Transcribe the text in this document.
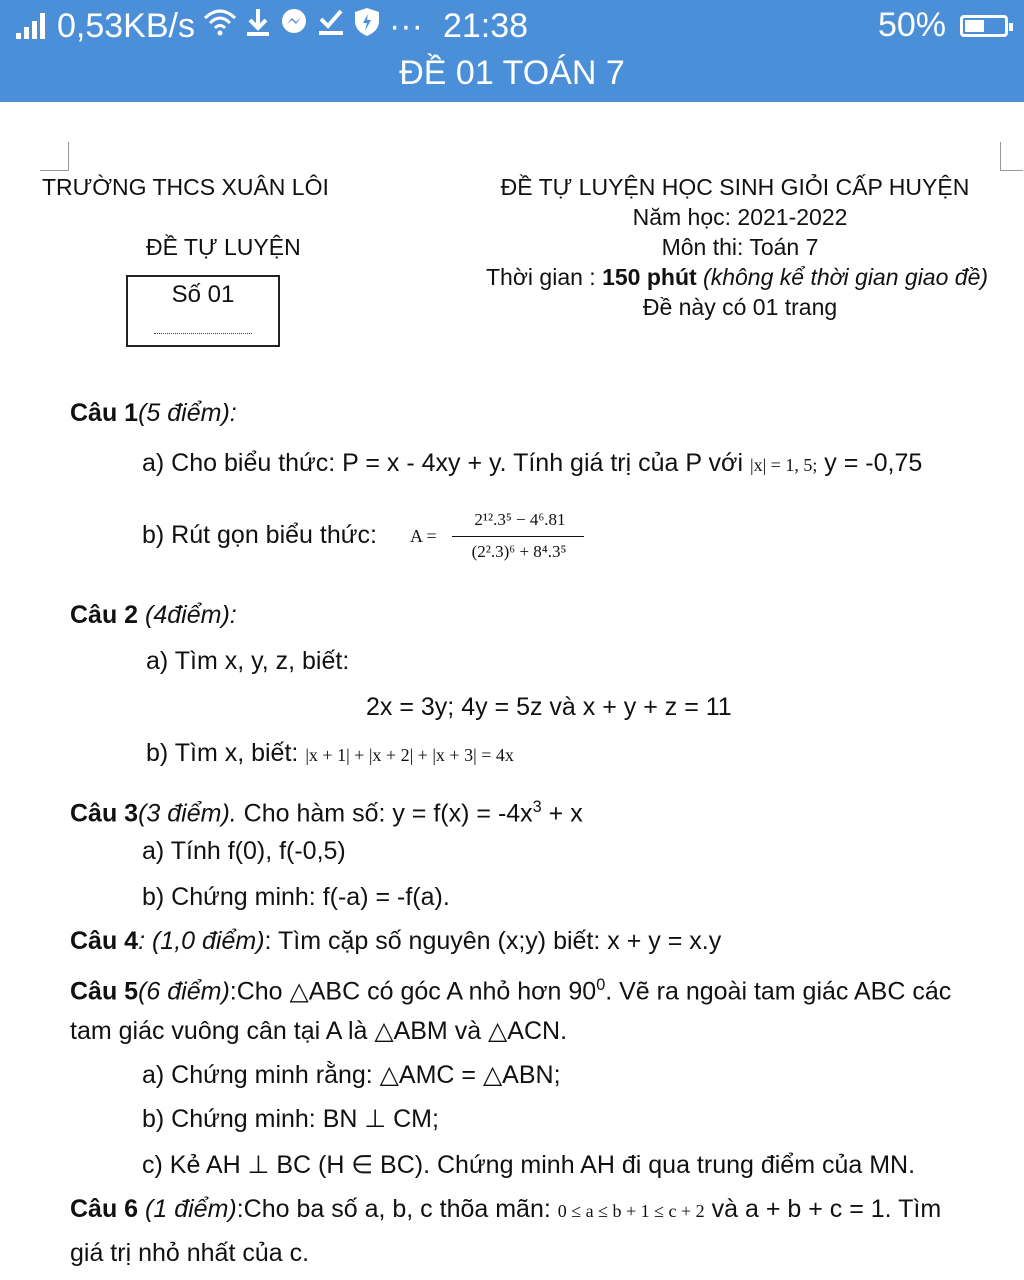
0,53KB/s	··· 21:38	50%
ĐỀ 01 TOÁN 7
TRƯỜNG THCS XUÂN LÔI
ĐỀ TỰ LUYỆN
Số 01
ĐỀ TỰ LUYỆN HỌC SINH GIỎI CẤP HUYỆN
Năm học: 2021-2022
Môn thi: Toán 7
Thời gian : 150 phút (không kể thời gian giao đề)
Đề này có 01 trang
Câu 1(5 điểm):
a) Cho biểu thức: P = x - 4xy + y. Tính giá trị của P với |x| = 1, 5; y = -0,75
b) Rút gọn biểu thức: A =
2¹².3⁵ − 4⁶.81
(2².3)⁶ + 8⁴.3⁵
Câu 2 (4điểm):
a) Tìm x, y, z, biết:
2x = 3y; 4y = 5z và x + y + z = 11
b) Tìm x, biết: |x + 1| + |x + 2| + |x + 3| = 4x
Câu 3(3 điểm). Cho hàm số: $y = f(x) = -4x^3 + x$
a) Tính f(0), f(-0,5)
b) Chứng minh: f(-a) = -f(a).
Câu 4: (1,0 điểm): Tìm cặp số nguyên (x;y) biết: x + y = x.y
Câu 5(6 điểm):Cho △ABC có góc A nhỏ hơn $90^0$. Vẽ ra ngoài tam giác ABC các
tam giác vuông cân tại A là △ABM và △ACN.
a) Chứng minh rằng: △AMC = △ABN;
b) Chứng minh: BN ⊥ CM;
c) Kẻ AH ⊥ BC (H ∈ BC). Chứng minh AH đi qua trung điểm của MN.
Câu 6 (1 điểm):Cho ba số a, b, c thõa mãn: 0 ≤ a ≤ b + 1 ≤ c + 2 và a + b + c = 1. Tìm
giá trị nhỏ nhất của c.
